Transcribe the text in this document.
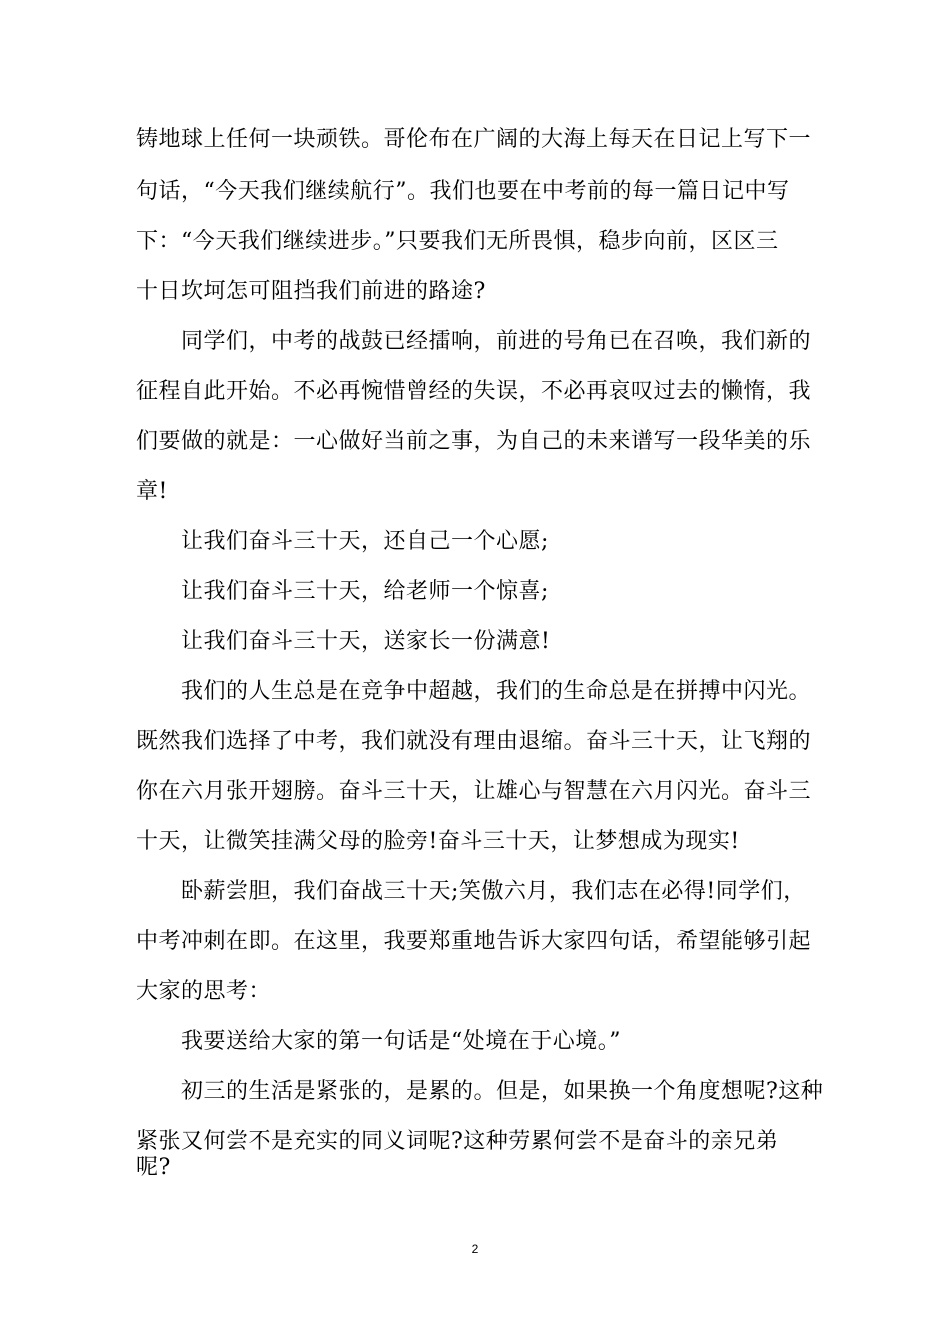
铸地球上任何一块顽铁。哥伦布在广阔的大海上每天在日记上写下一
句话，“今天我们继续航行”。我们也要在中考前的每一篇日记中写
下：“今天我们继续进步。”只要我们无所畏惧，稳步向前，区区三
十日坎坷怎可阻挡我们前进的路途?
同学们，中考的战鼓已经擂响，前进的号角已在召唤，我们新的
征程自此开始。不必再惋惜曾经的失误，不必再哀叹过去的懒惰，我
们要做的就是：一心做好当前之事，为自己的未来谱写一段华美的乐
章!
让我们奋斗三十天，还自己一个心愿;
让我们奋斗三十天，给老师一个惊喜;
让我们奋斗三十天，送家长一份满意!
我们的人生总是在竞争中超越，我们的生命总是在拼搏中闪光。
既然我们选择了中考，我们就没有理由退缩。奋斗三十天，让飞翔的
你在六月张开翅膀。奋斗三十天，让雄心与智慧在六月闪光。奋斗三
十天，让微笑挂满父母的脸旁!奋斗三十天，让梦想成为现实!
卧薪尝胆，我们奋战三十天;笑傲六月，我们志在必得!同学们，
中考冲刺在即。在这里，我要郑重地告诉大家四句话，希望能够引起
大家的思考：
我要送给大家的第一句话是“处境在于心境。”
初三的生活是紧张的，是累的。但是，如果换一个角度想呢?这种
紧张又何尝不是充实的同义词呢?这种劳累何尝不是奋斗的亲兄弟
呢?
2
